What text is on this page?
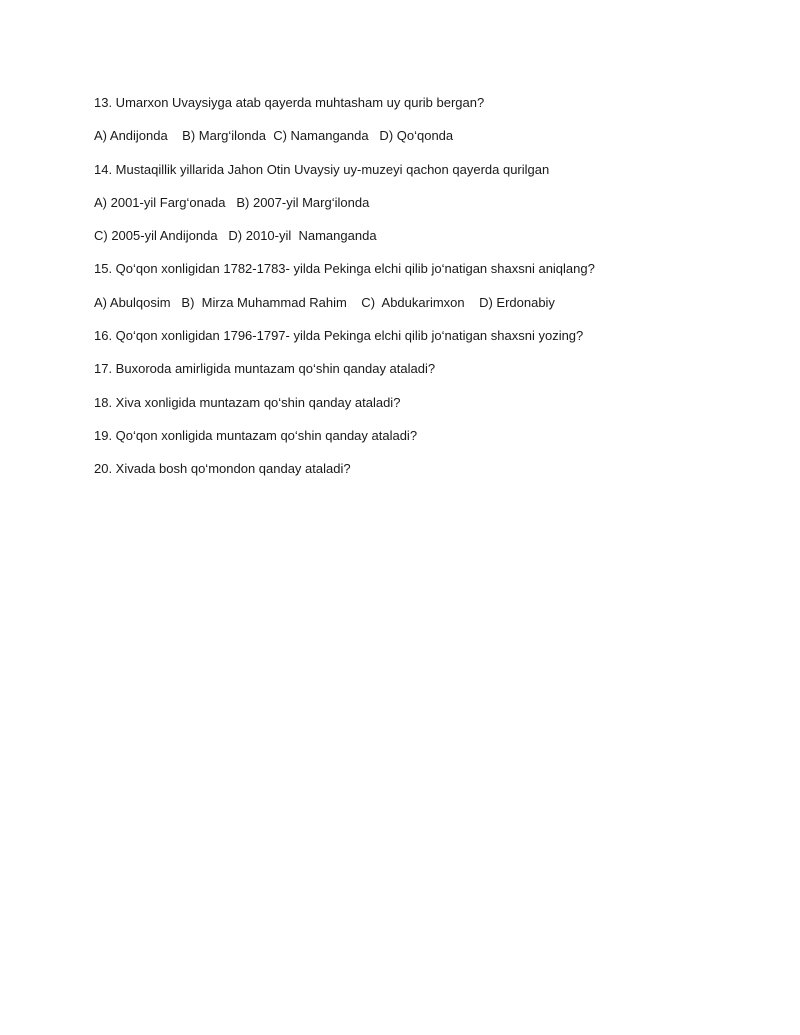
13. Umarxon Uvaysiyga atab qayerda muhtasham uy qurib bergan?
A) Andijonda    B) Marg‘ilonda  C) Namanganda   D) Qo‘qonda
14. Mustaqillik yillarida Jahon Otin Uvaysiy uy-muzeyi qachon qayerda qurilgan
A) 2001-yil Farg‘onada   B) 2007-yil Marg‘ilonda
C) 2005-yil Andijonda   D) 2010-yil  Namanganda
15. Qo‘qon xonligidan 1782-1783- yilda Pekinga elchi qilib jo‘natigan shaxsni aniqlang?
A) Abulqosim   B)  Mirza Muhammad Rahim    C)  Abdukarimxon    D) Erdonabiy
16. Qo‘qon xonligidan 1796-1797- yilda Pekinga elchi qilib jo‘natigan shaxsni yozing?
17. Buxoroda amirligida muntazam qo‘shin qanday ataladi?
18. Xiva xonligida muntazam qo‘shin qanday ataladi?
19. Qo‘qon xonligida muntazam qo‘shin qanday ataladi?
20. Xivada bosh qo‘mondon qanday ataladi?
